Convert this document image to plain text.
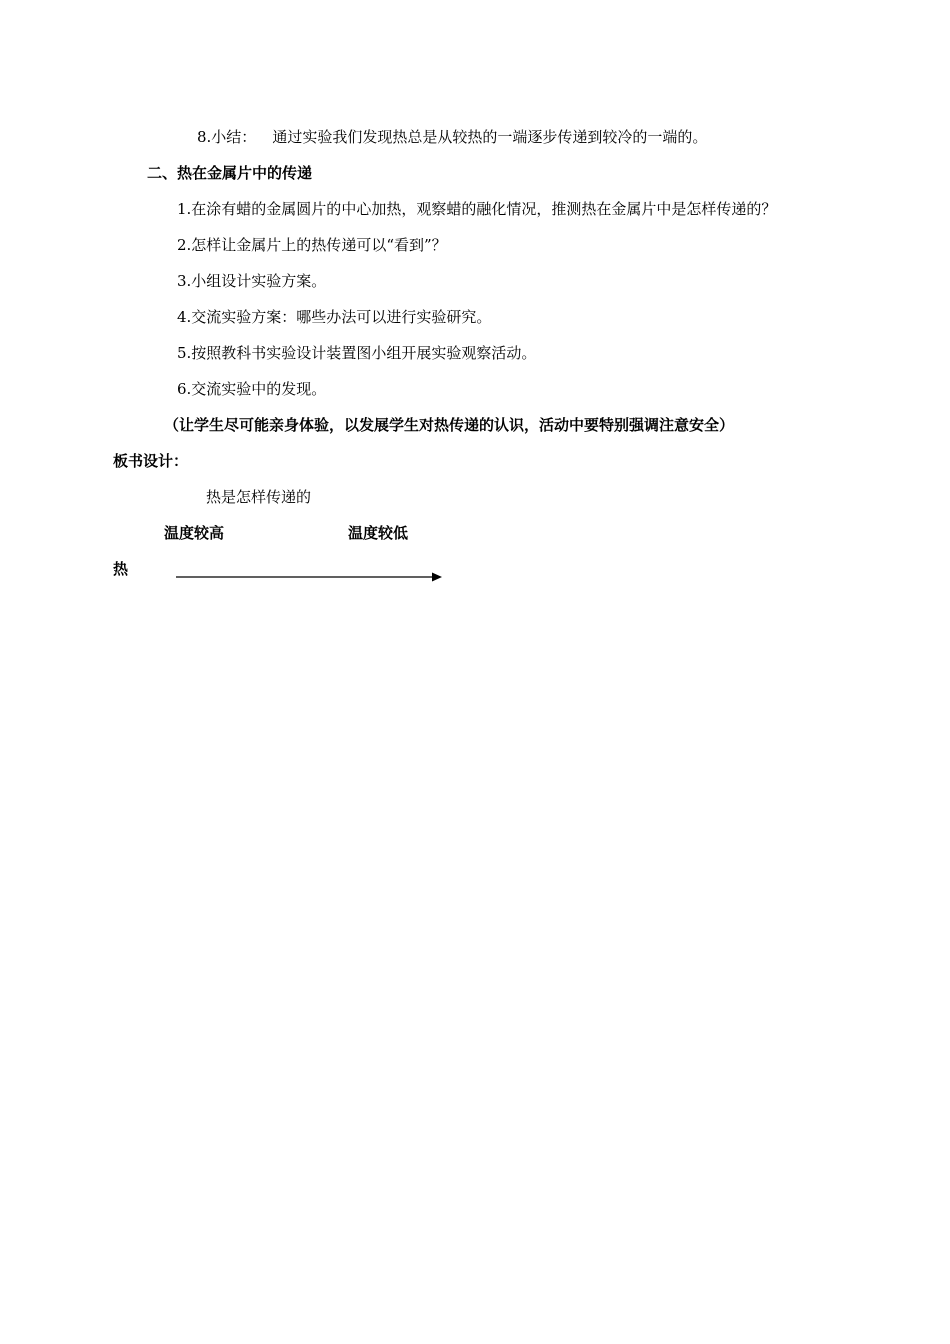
8.小结： 通过实验我们发现热总是从较热的一端逐步传递到较冷的一端的。
二、热在金属片中的传递
1.在涂有蜡的金属圆片的中心加热，观察蜡的融化情况，推测热在金属片中是怎样传递的？
2.怎样让金属片上的热传递可以“看到”？
3.小组设计实验方案。
4.交流实验方案：哪些办法可以进行实验研究。
5.按照教科书实验设计装置图小组开展实验观察活动。
6.交流实验中的发现。
（让学生尽可能亲身体验，以发展学生对热传递的认识，活动中要特别强调注意安全）
板书设计：
热是怎样传递的
温度较高	温度较低
热
